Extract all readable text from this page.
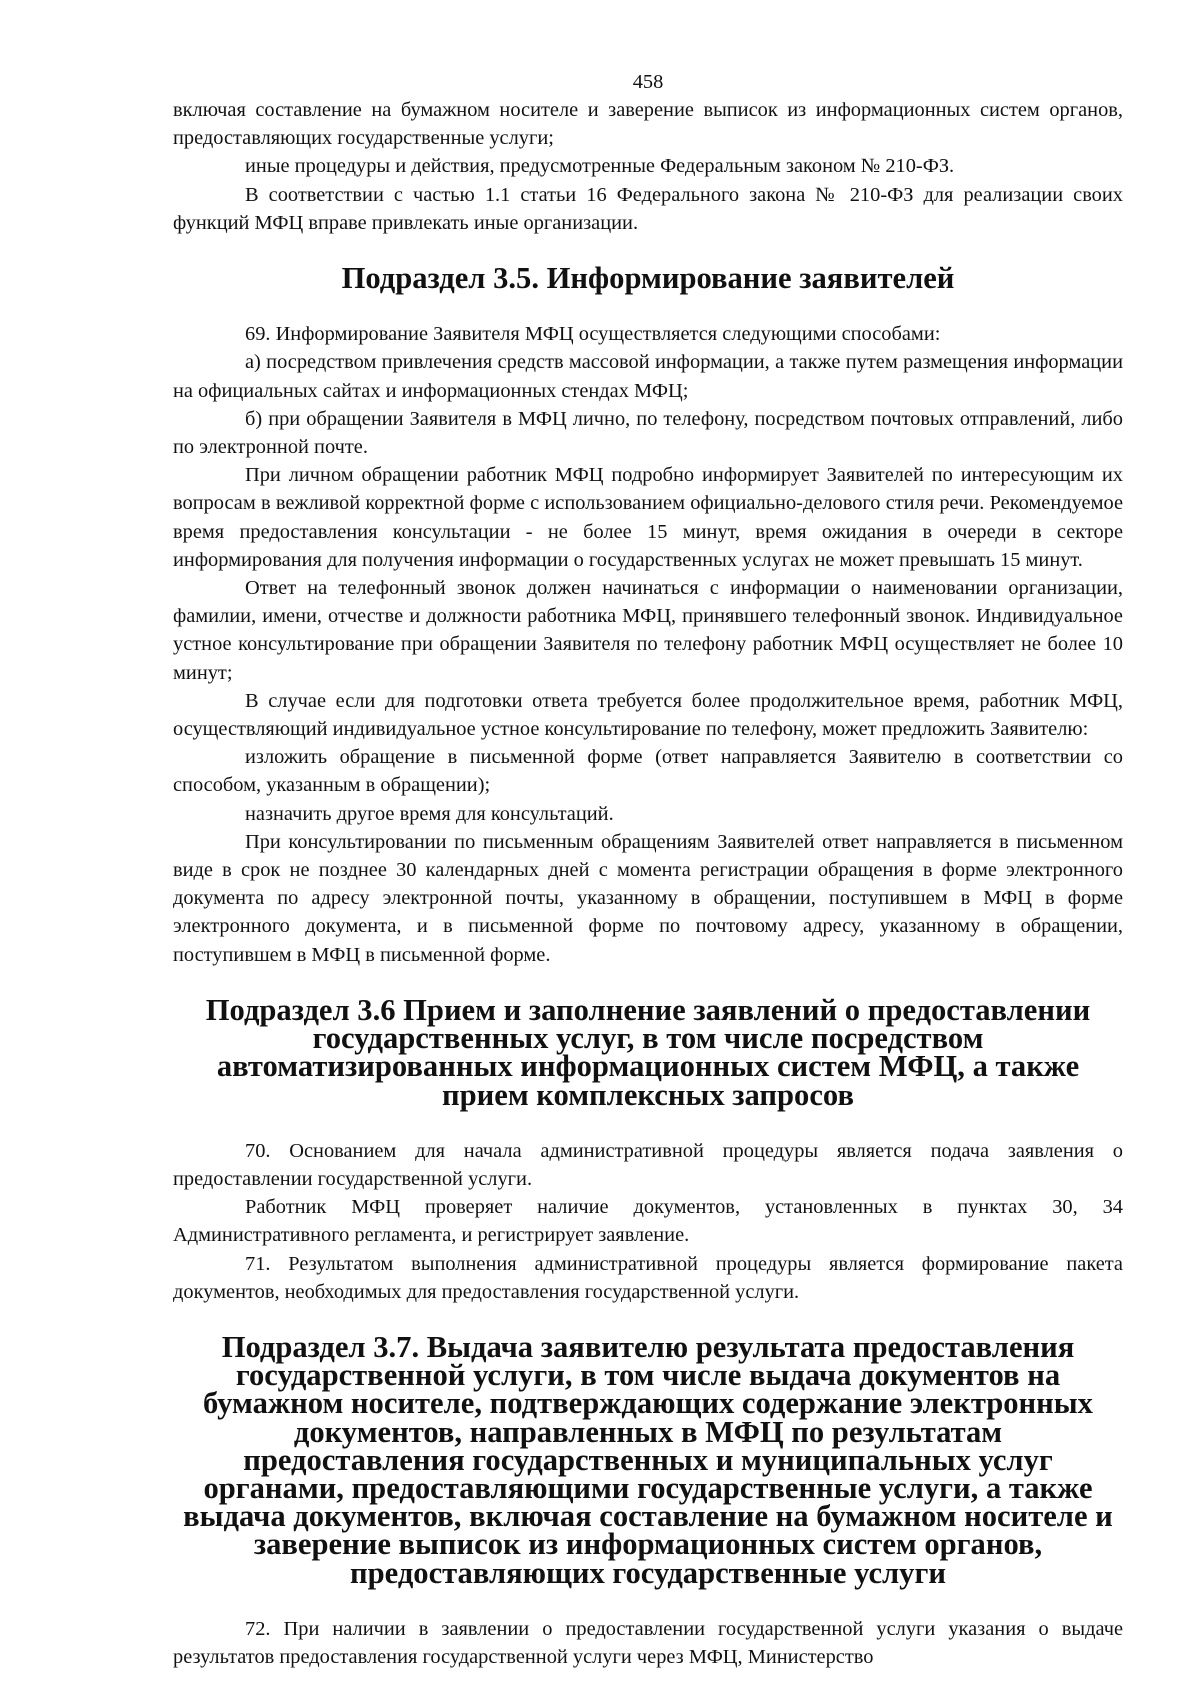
458

включая составление на бумажном носителе и заверение выписок из информационных систем органов, предоставляющих государственные услуги;

иные процедуры и действия, предусмотренные Федеральным законом № 210-ФЗ.

В соответствии с частью 1.1 статьи 16 Федерального закона № 210-ФЗ для реализации своих функций МФЦ вправе привлекать иные организации.

Подраздел 3.5. Информирование заявителей

69. Информирование Заявителя МФЦ осуществляется следующими способами:

а) посредством привлечения средств массовой информации, а также путем размещения информации на официальных сайтах и информационных стендах МФЦ;

б) при обращении Заявителя в МФЦ лично, по телефону, посредством почтовых отправлений, либо по электронной почте.

При личном обращении работник МФЦ подробно информирует Заявителей по интересующим их вопросам в вежливой корректной форме с использованием официально-делового стиля речи. Рекомендуемое время предоставления консультации - не более 15 минут, время ожидания в очереди в секторе информирования для получения информации о государственных услугах не может превышать 15 минут.

Ответ на телефонный звонок должен начинаться с информации о наименовании организации, фамилии, имени, отчестве и должности работника МФЦ, принявшего телефонный звонок. Индивидуальное устное консультирование при обращении Заявителя по телефону работник МФЦ осуществляет не более 10 минут;

В случае если для подготовки ответа требуется более продолжительное время, работник МФЦ, осуществляющий индивидуальное устное консультирование по телефону, может предложить Заявителю:

изложить обращение в письменной форме (ответ направляется Заявителю в соответствии со способом, указанным в обращении);

назначить другое время для консультаций.

При консультировании по письменным обращениям Заявителей ответ направляется в письменном виде в срок не позднее 30 календарных дней с момента регистрации обращения в форме электронного документа по адресу электронной почты, указанному в обращении, поступившем в МФЦ в форме электронного документа, и в письменной форме по почтовому адресу, указанному в обращении, поступившем в МФЦ в письменной форме.

Подраздел 3.6 Прием и заполнение заявлений о предоставлении государственных услуг, в том числе посредством автоматизированных информационных систем МФЦ, а также прием комплексных запросов

70. Основанием для начала административной процедуры является подача заявления о предоставлении государственной услуги.

Работник МФЦ проверяет наличие документов, установленных в пунктах 30, 34 Административного регламента, и регистрирует заявление.

71. Результатом выполнения административной процедуры является формирование пакета документов, необходимых для предоставления государственной услуги.

Подраздел 3.7. Выдача заявителю результата предоставления государственной услуги, в том числе выдача документов на бумажном носителе, подтверждающих содержание электронных документов, направленных в МФЦ по результатам предоставления государственных и муниципальных услуг органами, предоставляющими государственные услуги, а также выдача документов, включая составление на бумажном носителе и заверение выписок из информационных систем органов, предоставляющих государственные услуги

72. При наличии в заявлении о предоставлении государственной услуги указания о выдаче результатов предоставления государственной услуги через МФЦ, Министерство
